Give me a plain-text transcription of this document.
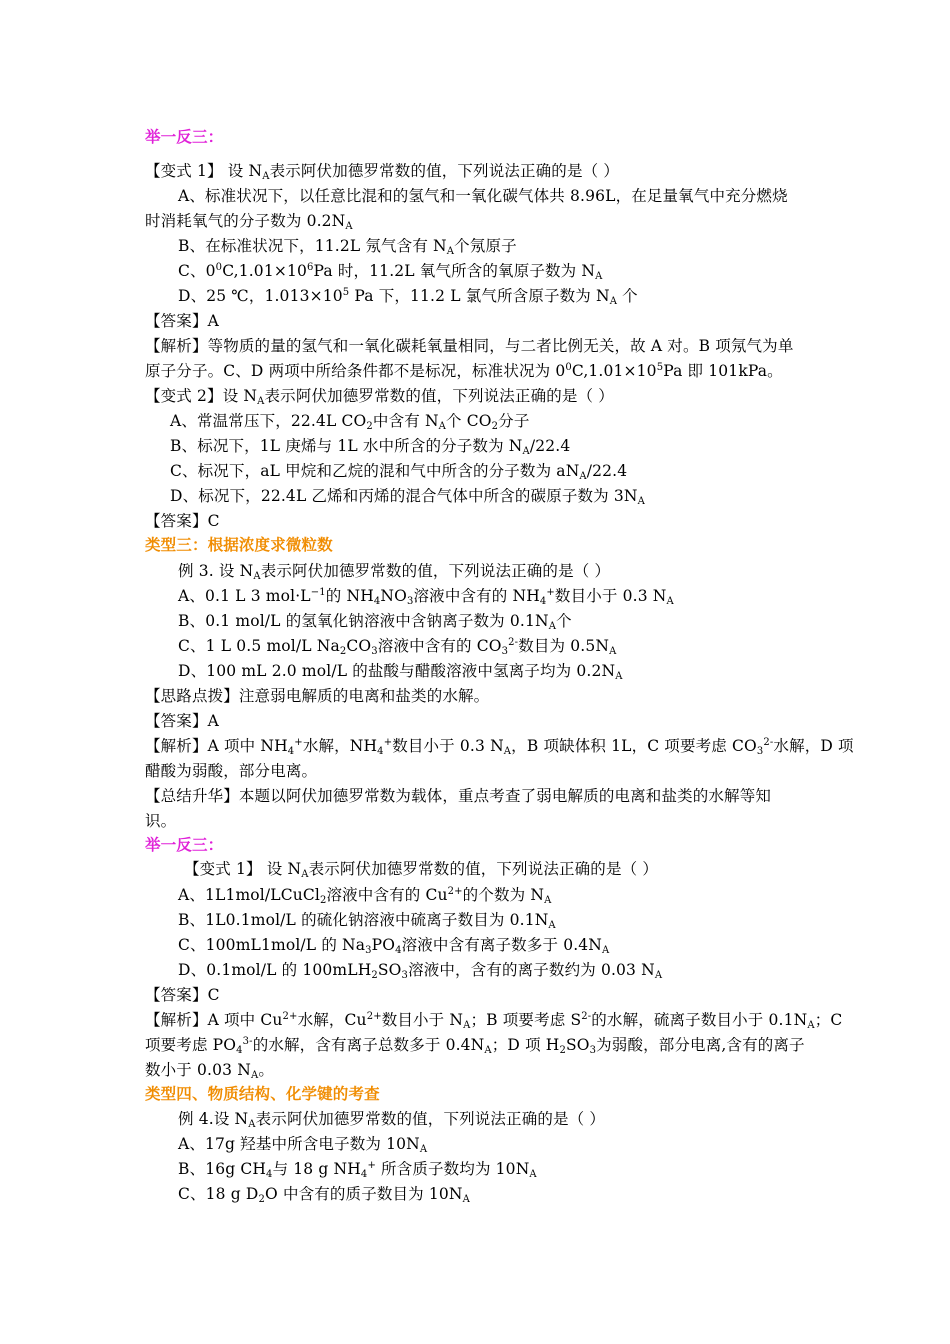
举一反三：
【变式 1】 设 $N_A$表示阿伏加德罗常数的值，下列说法正确的是（ ）
A、标准状况下，以任意比混和的氢气和一氧化碳气体共 8.96L，在足量氧气中充分燃烧
时消耗氧气的分子数为 $0.2N_A$
B、在标准状况下，11.2L 氖气含有 $N_A$个氖原子
C、$0^0C,1.01\times 10^6Pa$ 时，11.2L 氧气所含的氧原子数为 $N_A$
D、25 ℃，$1.013\times 10^5$ Pa 下，11.2 L 氯气所含原子数为 $N_A$ 个
【答案】A
【解析】等物质的量的氢气和一氧化碳耗氧量相同，与二者比例无关，故 A 对。B 项氖气为单
原子分子。C、D 两项中所给条件都不是标况，标准状况为 $0^0C,1.01\times 10^5Pa$ 即 101kPa。
【变式 2】设 $N_A$表示阿伏加德罗常数的值，下列说法正确的是（ ）
A、常温常压下，22.4L $CO_2$中含有 $N_A$个 $CO_2$分子
B、标况下，1L 庚烯与 1L 水中所含的分子数为 $N_A/22.4$
C、标况下，aL 甲烷和乙烷的混和气中所含的分子数为 $aN_A/22.4$
D、标况下，22.4L 乙烯和丙烯的混合气体中所含的碳原子数为 $3N_A$
【答案】C
类型三：根据浓度求微粒数
例 3. 设 $N_A$表示阿伏加德罗常数的值，下列说法正确的是（ ）
A、0.1 L 3 $mol\cdot L^{-1}$的 $NH_4NO_3$溶液中含有的 $NH_4^+$数目小于 0.3 $N_A$
B、0.1 mol/L 的氢氧化钠溶液中含钠离子数为 $0.1N_A$个
C、1 L 0.5 mol/L $Na_2CO_3$溶液中含有的 $CO_3^{2-}$数目为 $0.5N_A$
D、100 mL 2.0 mol/L 的盐酸与醋酸溶液中氢离子均为 $0.2N_A$
【思路点拨】注意弱电解质的电离和盐类的水解。
【答案】A
【解析】A 项中 $NH_4^+$水解，$NH_4^+$数目小于 0.3 $N_A$，B 项缺体积 1L，C 项要考虑 $CO_3^{2-}$水解，D 项
醋酸为弱酸，部分电离。
【总结升华】本题以阿伏加德罗常数为载体，重点考查了弱电解质的电离和盐类的水解等知
识。
举一反三：
【变式 1】 设 $N_A$表示阿伏加德罗常数的值，下列说法正确的是（ ）
A、1L1mol/LCuCl$_2$溶液中含有的 $Cu^{2+}$的个数为 $N_A$
B、1L0.1mol/L 的硫化钠溶液中硫离子数目为 $0.1N_A$
C、100mL1mol/L 的 $Na_3PO_4$溶液中含有离子数多于 $0.4N_A$
D、0.1mol/L 的 $100mLH_2SO_3$溶液中，含有的离子数约为 0.03 $N_A$
【答案】C
【解析】A 项中 $Cu^{2+}$水解，$Cu^{2+}$数目小于 $N_A$；B 项要考虑 $S^{2-}$的水解，硫离子数目小于 $0.1N_A$；C
项要考虑 $PO_4^{3-}$的水解，含有离子总数多于 $0.4N_A$；D 项 $H_2SO_3$为弱酸，部分电离,含有的离子
数小于 0.03 $N_A$。
类型四、物质结构、化学键的考查
例 4.设 $N_A$表示阿伏加德罗常数的值，下列说法正确的是（ ）
A、17g 羟基中所含电子数为 $10N_A$
B、16g $CH_4$与 18 g $NH_4^+$ 所含质子数均为 $10N_A$
C、18 g $D_2O$ 中含有的质子数目为 $10N_A$
